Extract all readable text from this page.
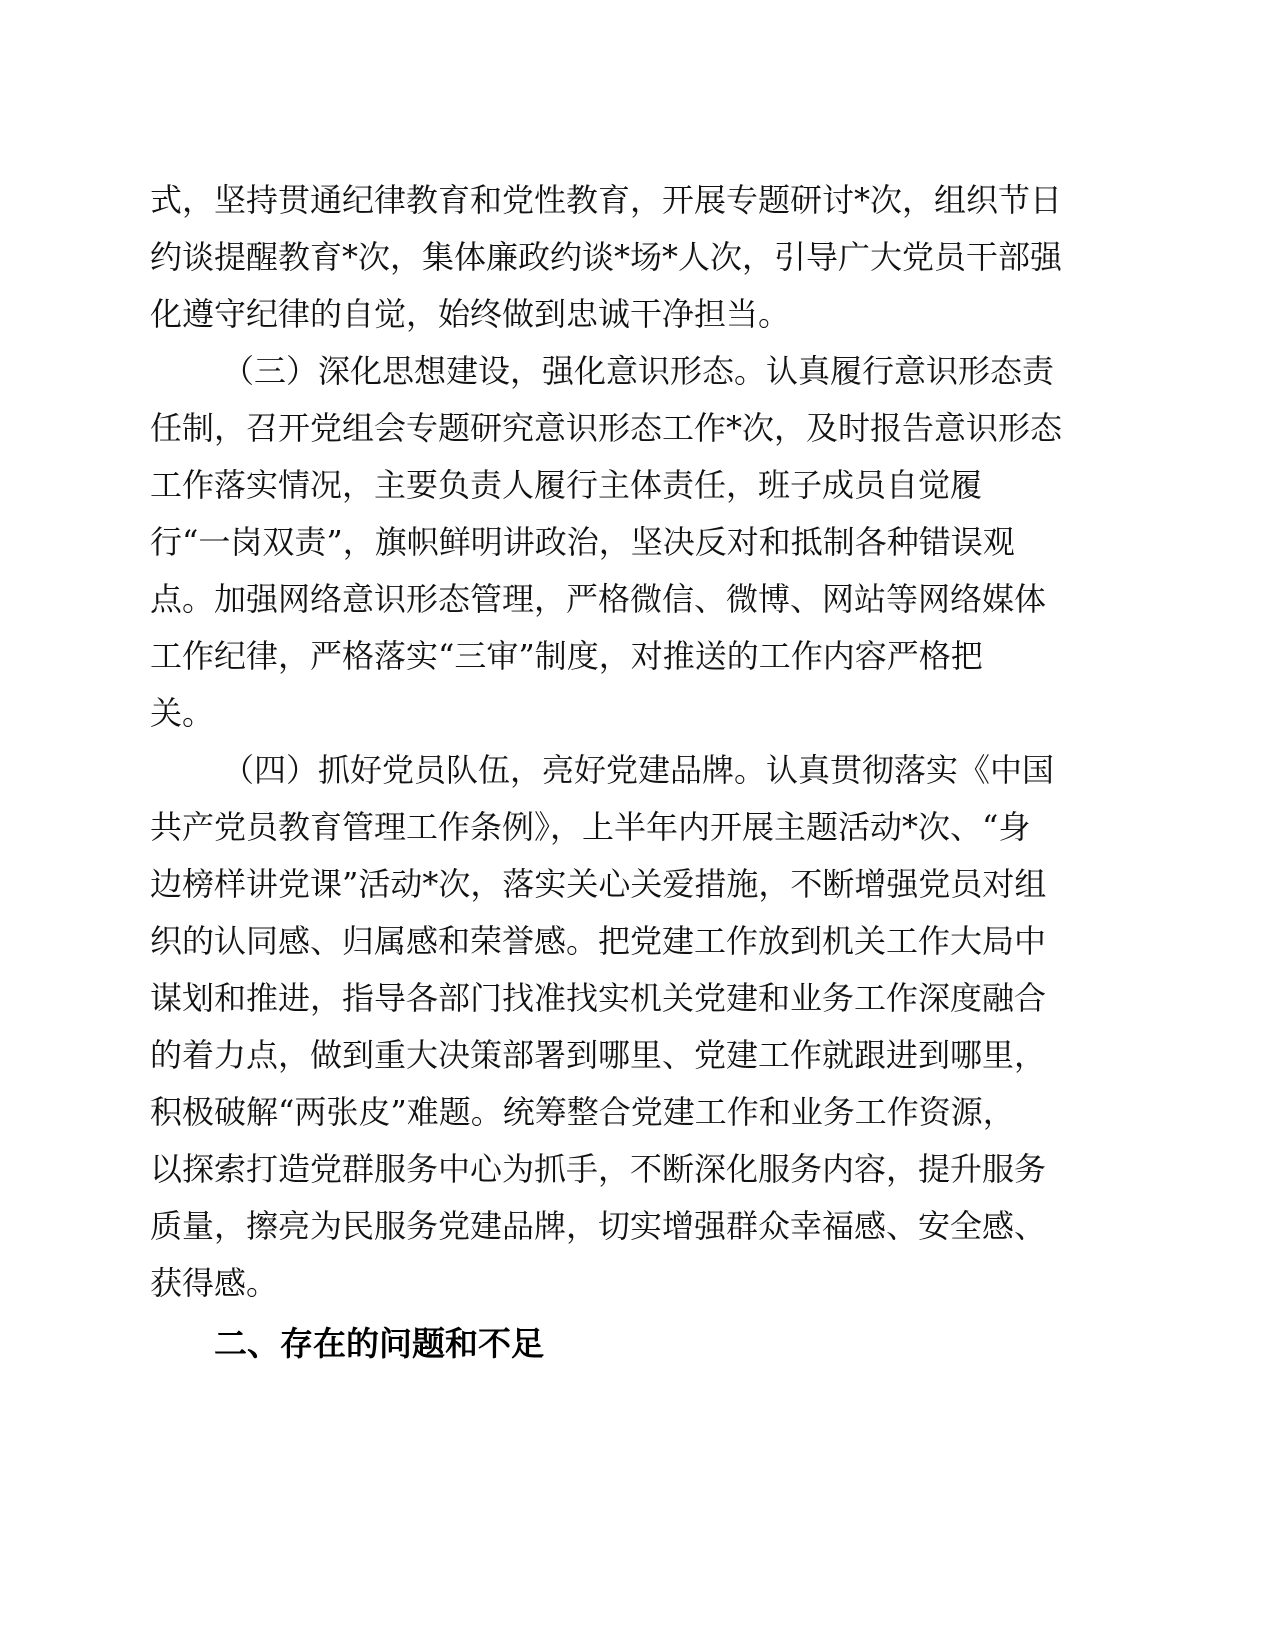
式，坚持贯通纪律教育和党性教育，开展专题研讨*次，组织节日
约谈提醒教育*次，集体廉政约谈*场*人次，引导广大党员干部强
化遵守纪律的自觉，始终做到忠诚干净担当。
（三）深化思想建设，强化意识形态。认真履行意识形态责
任制，召开党组会专题研究意识形态工作*次，及时报告意识形态
工作落实情况，主要负责人履行主体责任，班子成员自觉履
行“一岗双责”，旗帜鲜明讲政治，坚决反对和抵制各种错误观
点。加强网络意识形态管理，严格微信、微博、网站等网络媒体
工作纪律，严格落实“三审”制度，对推送的工作内容严格把
关。
（四）抓好党员队伍，亮好党建品牌。认真贯彻落实《中国
共产党员教育管理工作条例》，上半年内开展主题活动*次、“身
边榜样讲党课”活动*次，落实关心关爱措施，不断增强党员对组
织的认同感、归属感和荣誉感。把党建工作放到机关工作大局中
谋划和推进，指导各部门找准找实机关党建和业务工作深度融合
的着力点，做到重大决策部署到哪里、党建工作就跟进到哪里，
积极破解“两张皮”难题。统筹整合党建工作和业务工作资源，
以探索打造党群服务中心为抓手，不断深化服务内容，提升服务
质量，擦亮为民服务党建品牌，切实增强群众幸福感、安全感、
获得感。
二、存在的问题和不足
